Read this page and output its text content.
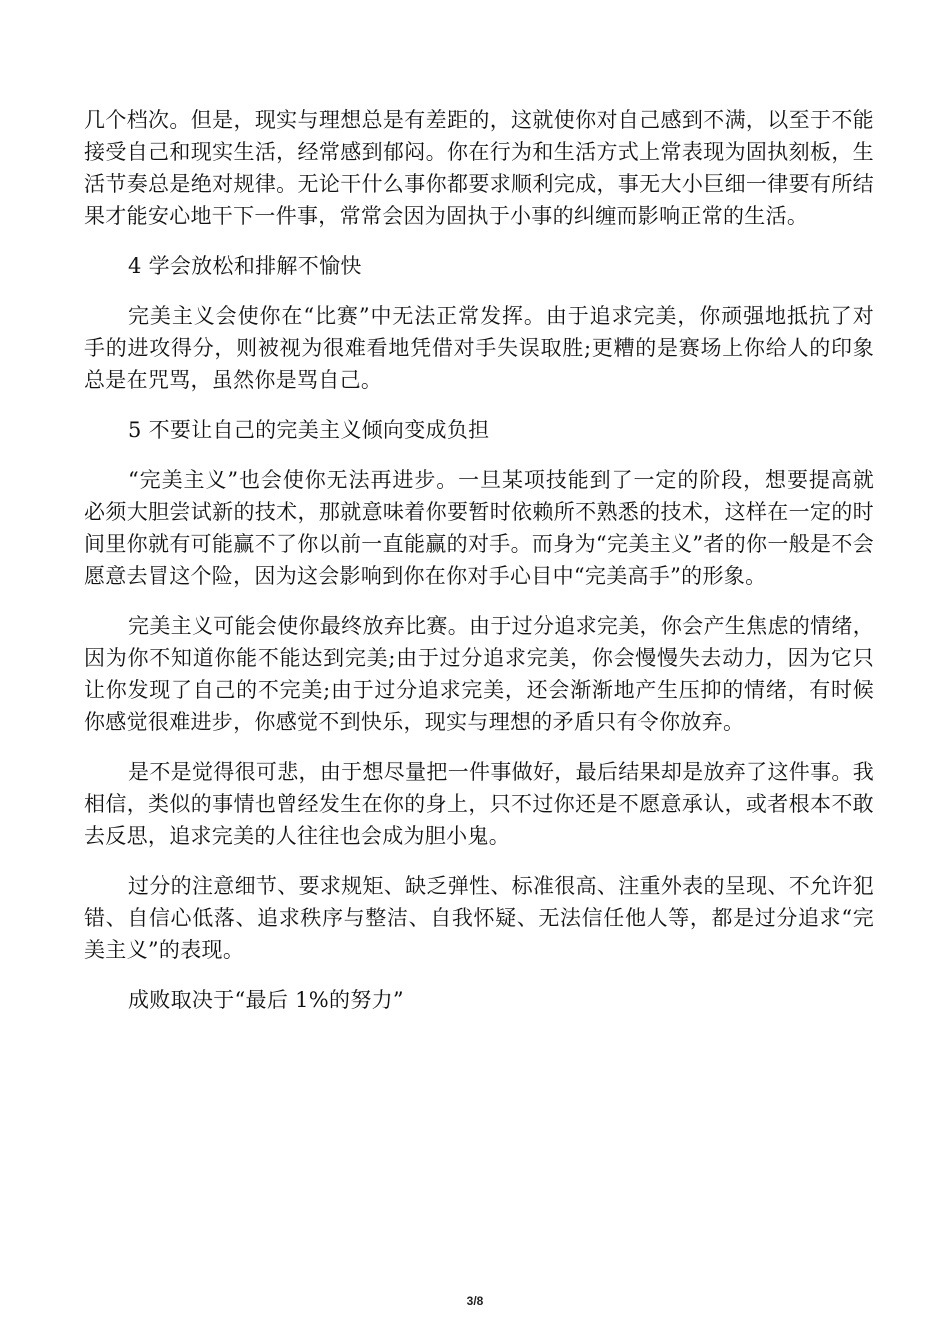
几个档次。但是，现实与理想总是有差距的，这就使你对自己感到不满，以至于不能接受自己和现实生活，经常感到郁闷。你在行为和生活方式上常表现为固执刻板，生活节奏总是绝对规律。无论干什么事你都要求顺利完成，事无大小巨细一律要有所结果才能安心地干下一件事，常常会因为固执于小事的纠缠而影响正常的生活。

4 学会放松和排解不愉快

完美主义会使你在“比赛”中无法正常发挥。由于追求完美，你顽强地抵抗了对手的进攻得分，则被视为很难看地凭借对手失误取胜;更糟的是赛场上你给人的印象总是在咒骂，虽然你是骂自己。

5 不要让自己的完美主义倾向变成负担

“完美主义”也会使你无法再进步。一旦某项技能到了一定的阶段，想要提高就必须大胆尝试新的技术，那就意味着你要暂时依赖所不熟悉的技术，这样在一定的时间里你就有可能赢不了你以前一直能赢的对手。而身为“完美主义”者的你一般是不会愿意去冒这个险，因为这会影响到你在你对手心目中“完美高手”的形象。

完美主义可能会使你最终放弃比赛。由于过分追求完美，你会产生焦虑的情绪，因为你不知道你能不能达到完美;由于过分追求完美，你会慢慢失去动力，因为它只让你发现了自己的不完美;由于过分追求完美，还会渐渐地产生压抑的情绪，有时候你感觉很难进步，你感觉不到快乐，现实与理想的矛盾只有令你放弃。

是不是觉得很可悲，由于想尽量把一件事做好，最后结果却是放弃了这件事。我相信，类似的事情也曾经发生在你的身上，只不过你还是不愿意承认，或者根本不敢去反思，追求完美的人往往也会成为胆小鬼。

过分的注意细节、要求规矩、缺乏弹性、标准很高、注重外表的呈现、不允许犯错、自信心低落、追求秩序与整洁、自我怀疑、无法信任他人等，都是过分追求“完美主义”的表现。

成败取决于“最后 1%的努力”

3/8
